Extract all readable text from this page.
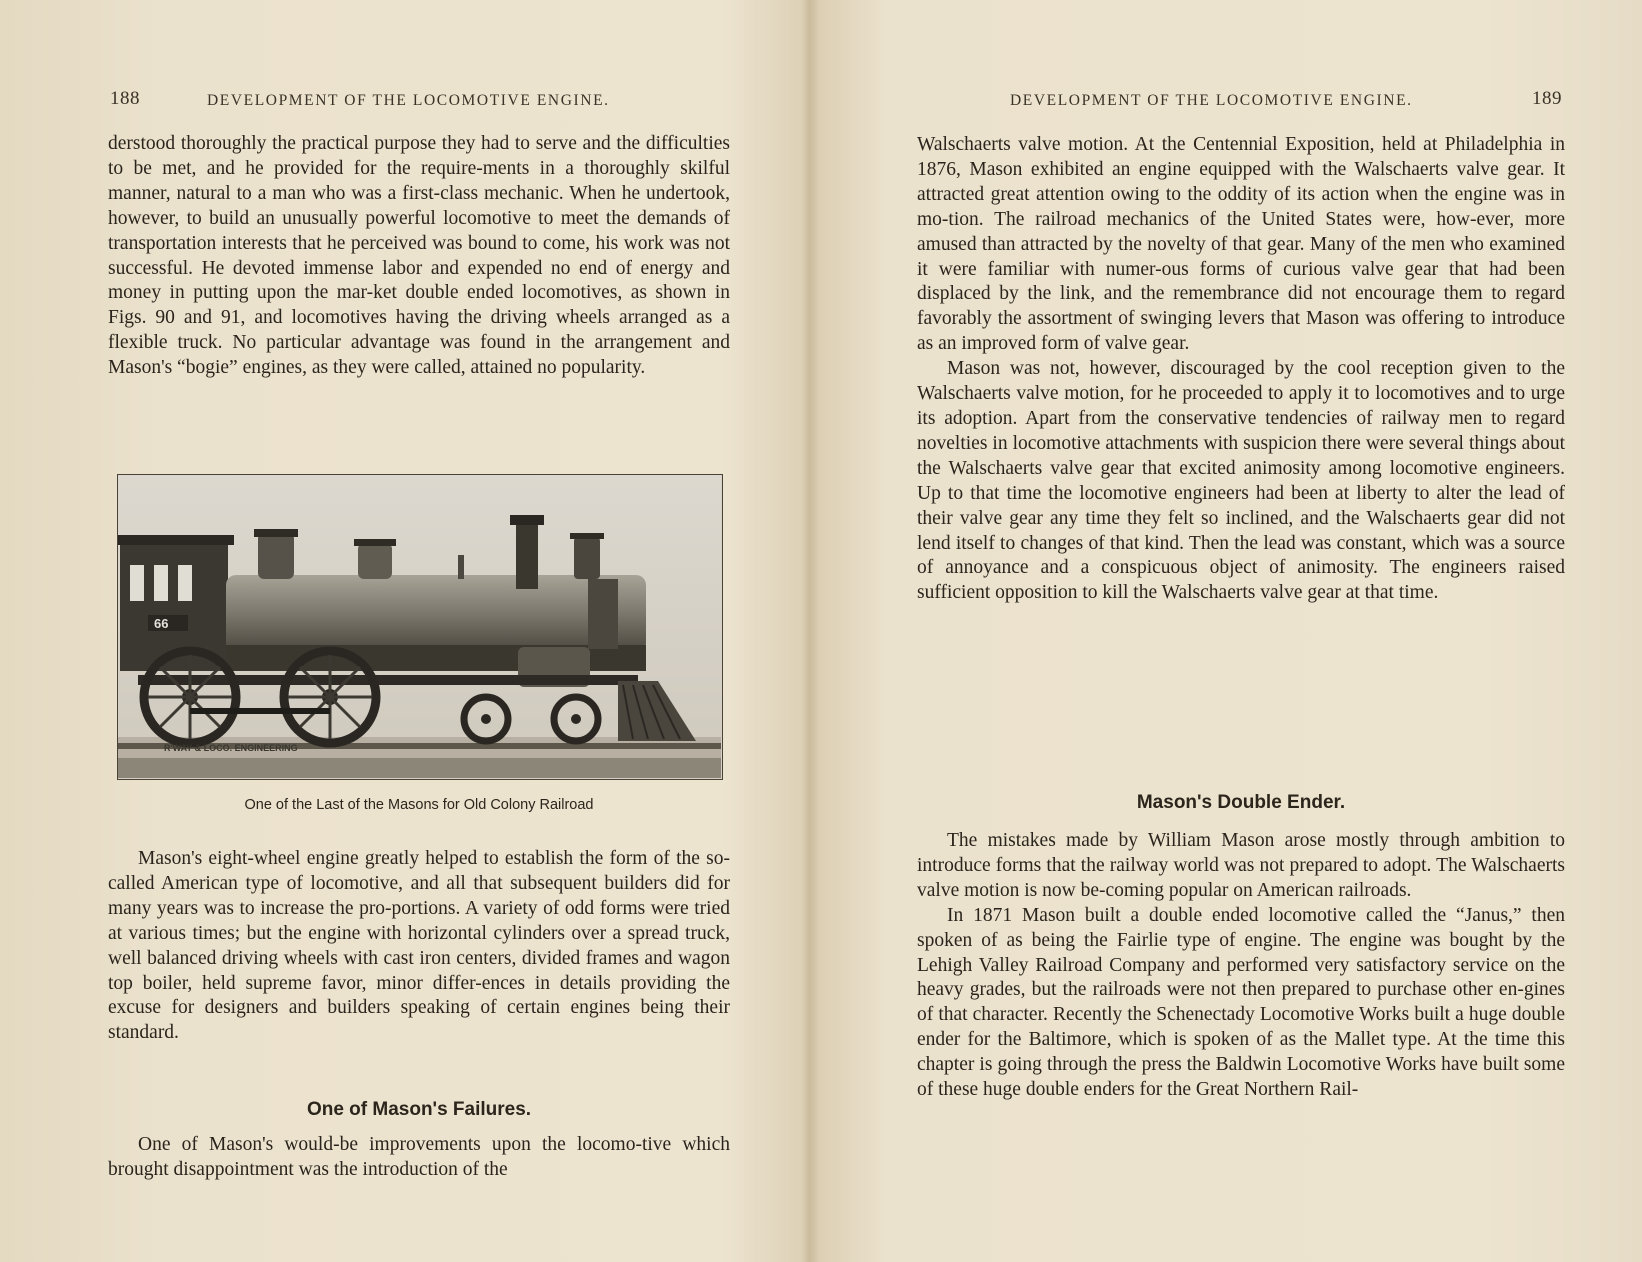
188	DEVELOPMENT OF THE LOCOMOTIVE ENGINE.

derstood thoroughly the practical purpose they had to serve and the difficulties to be met, and he provided for the require-ments in a thoroughly skilful manner, natural to a man who was a first-class mechanic. When he undertook, however, to build an unusually powerful locomotive to meet the demands of transportation interests that he perceived was bound to come, his work was not successful. He devoted immense labor and expended no end of energy and money in putting upon the mar-ket double ended locomotives, as shown in Figs. 90 and 91, and locomotives having the driving wheels arranged as a flexible truck. No particular advantage was found in the arrangement and Mason's “bogie” engines, as they were called, attained no popularity.

66
R'WAY & LOCO. ENGINEERING
One of the Last of the Masons for Old Colony Railroad

Mason's eight-wheel engine greatly helped to establish the form of the so-called American type of locomotive, and all that subsequent builders did for many years was to increase the pro-portions. A variety of odd forms were tried at various times; but the engine with horizontal cylinders over a spread truck, well balanced driving wheels with cast iron centers, divided frames and wagon top boiler, held supreme favor, minor differ-ences in details providing the excuse for designers and builders speaking of certain engines being their standard.

One of Mason's Failures.

One of Mason's would-be improvements upon the locomo-tive which brought disappointment was the introduction of the

DEVELOPMENT OF THE LOCOMOTIVE ENGINE.	189

Walschaerts valve motion. At the Centennial Exposition, held at Philadelphia in 1876, Mason exhibited an engine equipped with the Walschaerts valve gear. It attracted great attention owing to the oddity of its action when the engine was in mo-tion. The railroad mechanics of the United States were, how-ever, more amused than attracted by the novelty of that gear. Many of the men who examined it were familiar with numer-ous forms of curious valve gear that had been displaced by the link, and the remembrance did not encourage them to regard favorably the assortment of swinging levers that Mason was offering to introduce as an improved form of valve gear.

Mason was not, however, discouraged by the cool reception given to the Walschaerts valve motion, for he proceeded to apply it to locomotives and to urge its adoption. Apart from the conservative tendencies of railway men to regard novelties in locomotive attachments with suspicion there were several things about the Walschaerts valve gear that excited animosity among locomotive engineers. Up to that time the locomotive engineers had been at liberty to alter the lead of their valve gear any time they felt so inclined, and the Walschaerts gear did not lend itself to changes of that kind. Then the lead was constant, which was a source of annoyance and a conspicuous object of animosity. The engineers raised sufficient opposition to kill the Walschaerts valve gear at that time.

Mason's Double Ender.

The mistakes made by William Mason arose mostly through ambition to introduce forms that the railway world was not prepared to adopt. The Walschaerts valve motion is now be-coming popular on American railroads.

In 1871 Mason built a double ended locomotive called the “Janus,” then spoken of as being the Fairlie type of engine. The engine was bought by the Lehigh Valley Railroad Company and performed very satisfactory service on the heavy grades, but the railroads were not then prepared to purchase other en-gines of that character. Recently the Schenectady Locomotive Works built a huge double ender for the Baltimore, which is spoken of as the Mallet type. At the time this chapter is going through the press the Baldwin Locomotive Works have built some of these huge double enders for the Great Northern Rail-
